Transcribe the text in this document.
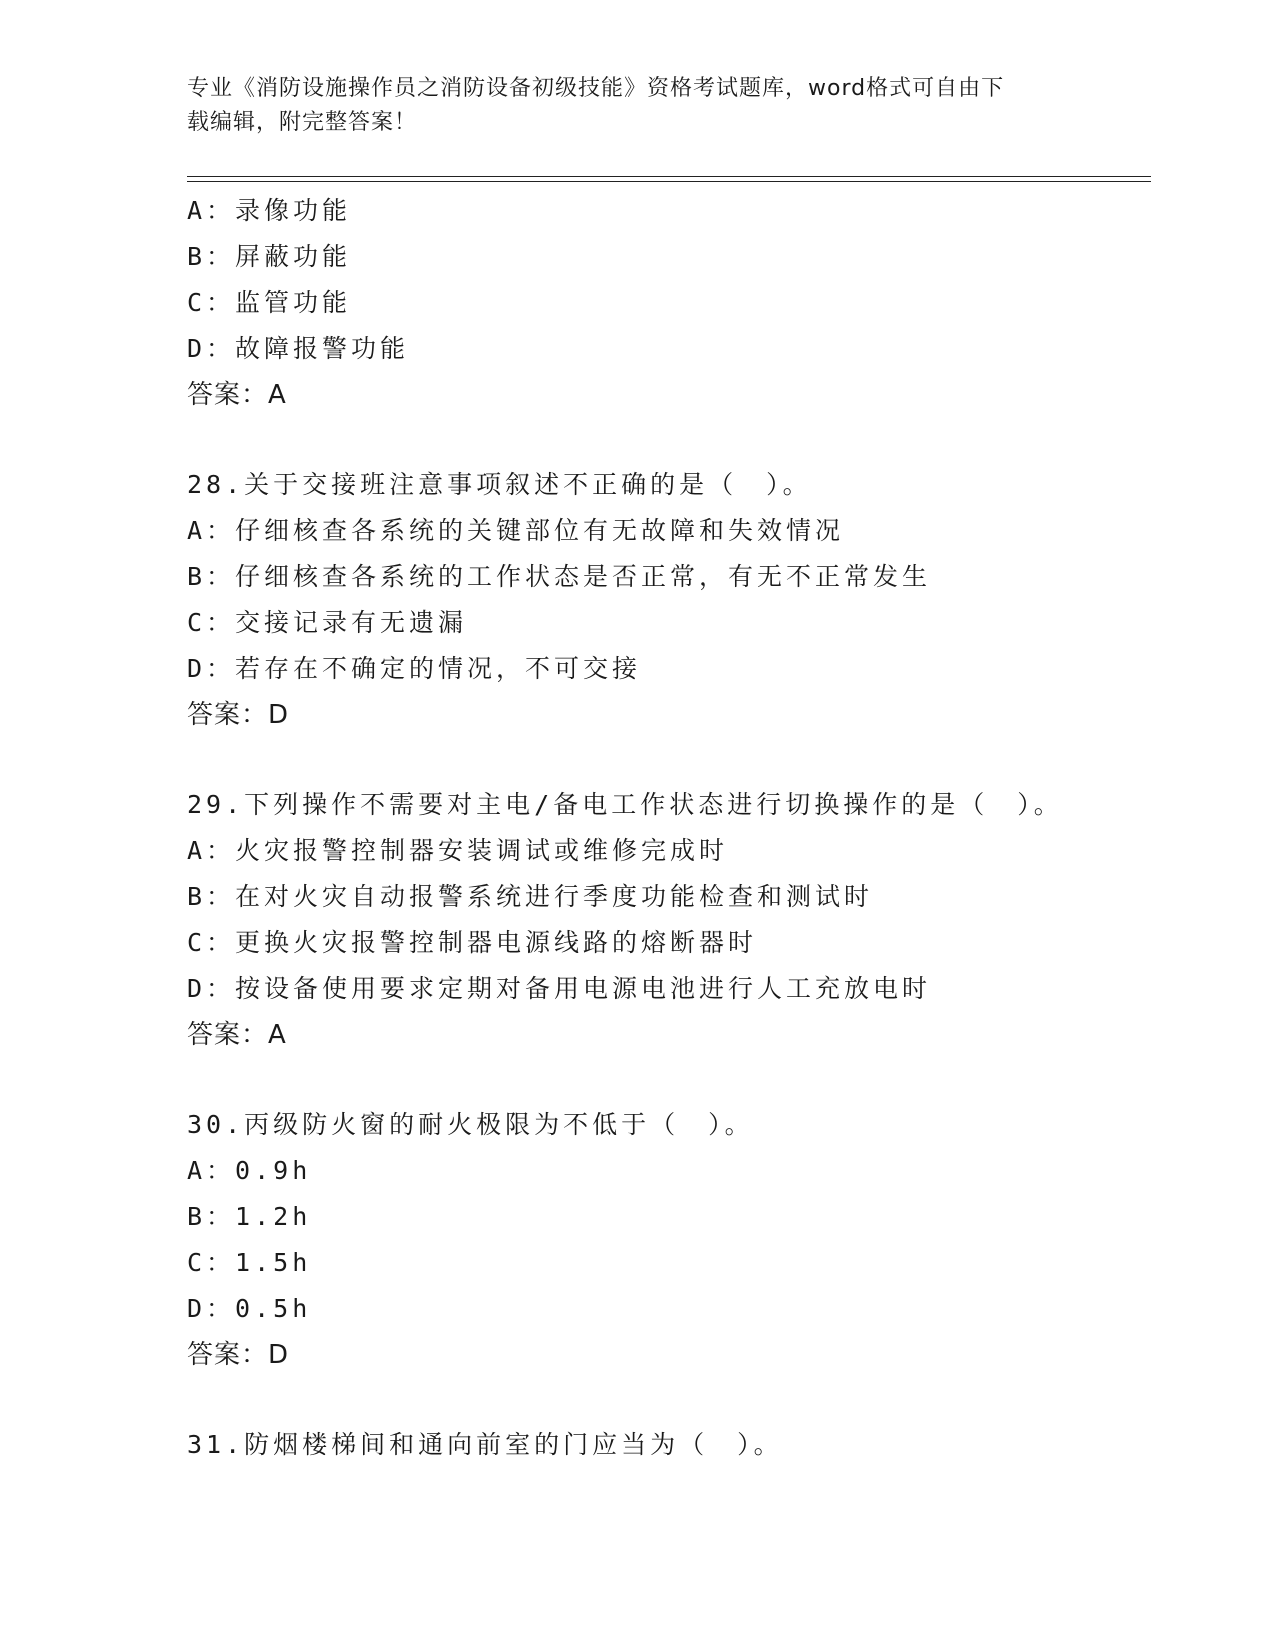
专业《消防设施操作员之消防设备初级技能》资格考试题库，word格式可自由下
载编辑，附完整答案！
A：录像功能
B：屏蔽功能
C：监管功能
D：故障报警功能
答案：A
28.关于交接班注意事项叙述不正确的是（　）。
A：仔细核查各系统的关键部位有无故障和失效情况
B：仔细核查各系统的工作状态是否正常，有无不正常发生
C：交接记录有无遗漏
D：若存在不确定的情况，不可交接
答案：D
29.下列操作不需要对主电/备电工作状态进行切换操作的是（　）。
A：火灾报警控制器安装调试或维修完成时
B：在对火灾自动报警系统进行季度功能检查和测试时
C：更换火灾报警控制器电源线路的熔断器时
D：按设备使用要求定期对备用电源电池进行人工充放电时
答案：A
30.丙级防火窗的耐火极限为不低于（　）。
A：0.9h
B：1.2h
C：1.5h
D：0.5h
答案：D
31.防烟楼梯间和通向前室的门应当为（　）。
